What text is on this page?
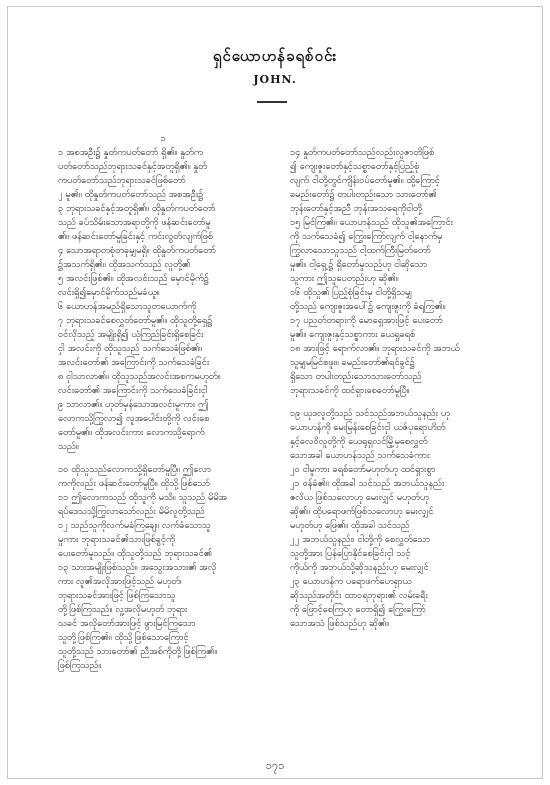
ရှင်ယောဟန်ခရစ်ဝင်း
JOHN.
၁
၁ အစအဦး၌ နှုတ်ကပတ်တော် ရှိ၏။ နှုတ်က
ပတ်တော်သည်ဘုရားသခင်နှင့်အတူရှိ၏။ နှုတ်
ကပတ်တော်သည်ဘုရားသခင်ဖြစ်တော်
၂ မူ၏။ ထိုနှုတ်ကပတ်တော်သည် အစအဦး၌
၃ ဘုရားသခင်နှင့်အတူရှိ၏။ ထိုနှုတ်ကပတ်တော်
သည် ခပ်သိမ်းသောအရာတို့ကို ဖန်ဆင်းတော်မူ
၏။ ဖန်ဆင်းတော်မူခြင်းနှင့် ကင်းလွတ်လျက်ဖြစ်
၄ သောအရာတစုံတခုမျှမရှိ။ ထိုနှုတ်ကပတ်တော်
၌အသက်ရှိ၏။ ထိုအသက်သည် လူတို့၏
၅ အလင်းဖြစ်၏။ ထိုအလင်းသည် မှောင်မိုက်၌
လင်းရှိ၍မှောင်မိုက်သည်မခံယူ။
၆ ယောဟန်အမည်ရှိသောသူတယောက်ကို
၇ ဘုရားသခင်စေလွှတ်တော်မူ၏။ ထိုသူတို့ရှေ၌
ဝင်လိုသည့် အမျိုးရှိ၍ ယုံကြည်ခြင်းရှိစေခြင်း
ငှါ အလင်းကို ထိုသူသည် သက်သေခံဖြစ်၏။
အလင်းတော်၏ အကြောင်းကို သက်သေခံခြင်း
၈ ငှါသာလာ၏။ ထိုသူသည်အလင်းအစကမဟုတ်။
လင်းတော်၏ အကြောင်းကို သက်သေခံခြင်းငှါ
၉ သာလာ၏။ ဟုတ်မှန်သောအလင်းမူကား ဤ
လောကသို့ကြွလာ၍ လူအပေါင်းတို့ကို လင်းစေ
တော်မူ၏။ ထိုအလင်းကား လောကသို့ရောက်
သည်။
၁၀ ထိုသူသည်လောကသို့ရှိတော်မူပြီ။ ဤလော
ကကိုလည်း ဖန်ဆင်းတော်မူပြီ။ ထိုသို့ဖြစ်သော်
၁၁ ဤလောကသည် ထိုသူကို မသိ။ သူသည် မိမိအ
ရပ်ဒေသသို့ကြွလာသော်လည်း မိမိလူတို့သည်
၁၂ သည်သူကိုလက်မခံကြချေ။ လက်ခံသောသူ
မူကား ဘုရားသခင်၏သားဖြစ်ခွင့်ကို
ပေးတော်မူသည်။ ထိုသူတို့သည် ဘုရားသခင်၏
၁၃ သားအမျိုးဖြစ်သည်။ အသွေးအသား၏ အလို
ကား လူ၏အလိုအားဖြင့်သည် မဟုတ်၊
ဘုရားသခင်အားဖြင့် ဖြစ်ကြသောသူ
တို့ဖြစ်ကြသည်။ လူ့အလိုမဟုတ် ဘုရား
သခင် အလိုတော်အားဖြင့် ဖွားမြင်ကြသော
သူတို့ဖြစ်ကြ၏။ ထိုသို့ဖြစ်သောကြောင့်
သူတို့သည် သားတော်၏ ညီအစ်ကိုတို့ ဖြစ်ကြ၏။
ဖြစ်ကြသည်။
၁၄ နှုတ်ကပတ်တော်သည်လည်းလူဇာတိဖြစ်
၍ ကျေးဇူးတော်နှင့်သစ္စာတော်နှင့်ပြည့်စုံ
လျက် ငါတို့တွင်ကျိန်းဝပ်တော်မူ၏။ ထို့ကြောင့်
ခမည်းတော်၌ တပါးတည်းသော သားတော်၏
ဘုန်းတော်နှင့်အညီ ဘုန်းအသရေကိုငါတို့
၁၅ မြင်ကြ၏။ ယောဟန်သည် ထိုသူ၏အကြောင်း
ကို သက်သေခံ၍ ကြွေးကြော်လျက် ငါ့နောက်မှ
ကြွလာသောသူသည် ငါ့ထက်ကြီးမြတ်တော်
မူ၏။ ငါ့ရှေ့၌ ရှိတော်မူသည်ဟု ငါဆိုသော
သူကား ဤသူပေတည်းဟု ဆို၏။
၁၆ ထိုသူ၏ ပြည့်စုံခြင်းမှ ငါတို့ရှိသမျှ
တို့သည် ကျေးဇူးအပေါ်၌ ကျေးဇူးကို ခံရကြ၏။
၁၇ ပညတ်တရားကို မောရှေအားဖြင့် ပေးတော်
မူ၏။ ကျေးဇူးနှင့်သစ္စာကား ယေရှုခရစ်
၁၈ အားဖြင့် ရောက်လာ၏။ ဘုရားသခင်ကို အဘယ်
သူမျှမမြင်စဖူး။ ခမည်းတော်၏ရင်ခွင်၌
ရှိသော တပါးတည်းသောသားတော်သည်
ဘုရားသခင်ကို ထင်ရှားစေတော်မူပြီ။
၁၉ ယုဒလူတို့သည် သင်သည်အဘယ်သူနည်း ဟု
ယောဟန်ကို မေးမြန်းစေခြင်းငှါ ယဇ်ပုရောဟိတ်
နှင့်လေဝိလူတို့ကို ယေရုရှလင်မြို့မှစေလွှတ်
သောအခါ ယောဟန်သည် သက်သေခံကား
၂၀ ငါမူကား ခရစ်တော်မဟုတ်ဟု ထင်ရှားစွာ
၂၁ ဝန်ခံ၏။ ထိုအခါ သင်သည် အဘယ်သူနည်း
ဧလိယ ဖြစ်သလောဟု မေးလျှင် မဟုတ်ဟု
ဆို၏။ ထိုပရောဖက်ဖြစ်သလောဟု မေးလျှင်
မဟုတ်ဟု ဖြေ၏။ ထိုအခါ သင်သည်
၂၂ အဘယ်သူနည်း၊ ငါတို့ကို စေလွှတ်သော
သူတို့အား ပြန်ပြောနိုင်စေခြင်းငှါ သင့်
ကိုယ်ကို အဘယ်သို့ဆိုသနည်းဟု မေးလျှင်
၂၃ ယောဟန်က ပရောဖက်ဟေရှာယ
ဆိုသည်အတိုင်း ထာဝရဘုရား၏ လမ်းခရီး
ကို ဖြောင့်စေကြဟု တောရှိ၍ ကြွေးကြော်
သောအသံ ဖြစ်သည်ဟု ဆို၏။
၁၇၁
